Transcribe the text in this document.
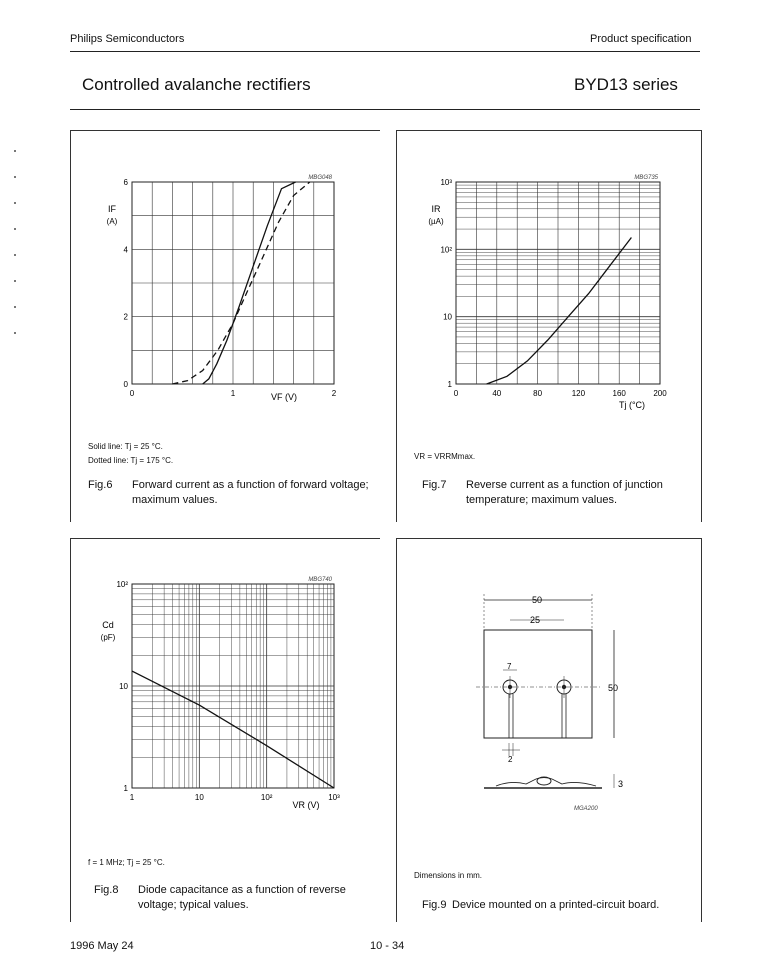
Philips Semiconductors	Product specification
Controlled avalanche rectifiers	BYD13 series
0	1	2
0
2
4
6
IF
(A)
VF (V)
MBG048
Solid line: Tj = 25 °C.
Dotted line: Tj = 175 °C.
Fig.6 Forward current as a function of forward voltage; maximum values.
0	40	80	120	160	200
1
10
10²
10³
IR
(µA)
Tj (°C)
MBG735
VR = VRRMmax.
Fig.7 Reverse current as a function of junction temperature; maximum values.
1	10	10²	10³
1
10
10²
Cd
(pF)
VR (V)
MBG740
f = 1 MHz; Tj = 25 °C.
Fig.8 Diode capacitance as a function of reverse voltage; typical values.
50
25
7
50
2
3
MGA200
Dimensions in mm.
Fig.9 Device mounted on a printed-circuit board.
1996 May 24	10 - 34
